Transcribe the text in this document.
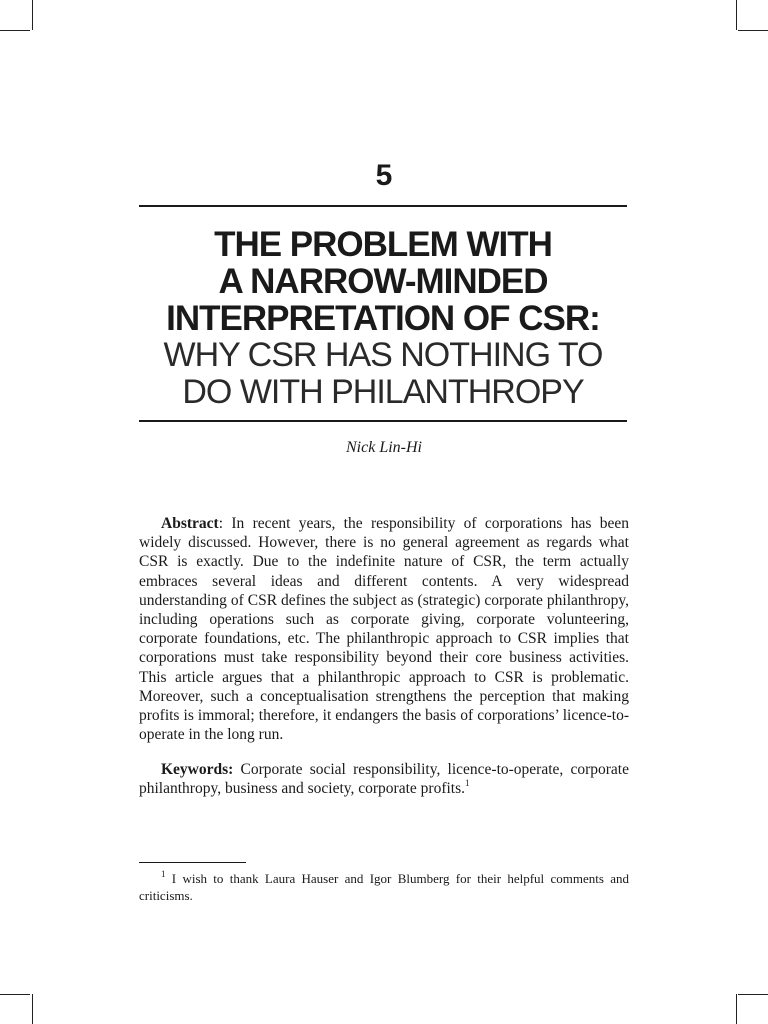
5
THE PROBLEM WITH
A NARROW-MINDED
INTERPRETATION OF CSR:
WHY CSR HAS NOTHING TO
DO WITH PHILANTHROPY
Nick Lin-Hi

Abstract: In recent years, the responsibility of corporations has been widely discussed. However, there is no general agreement as regards what CSR is exactly. Due to the indefinite nature of CSR, the term actually embraces several ideas and different contents. A very widespread understanding of CSR defines the subject as (strategic) corporate philanthropy, including operations such as corporate giving, corporate volunteering, corporate foundations, etc. The philanthropic approach to CSR implies that corporations must take responsibility beyond their core business activities. This article argues that a philanthropic approach to CSR is problematic. Moreover, such a conceptualisation strengthens the perception that making profits is immoral; therefore, it endangers the basis of corporations’ licence-to-operate in the long run.

Keywords: Corporate social responsibility, licence-to-operate, corporate philanthropy, business and society, corporate profits.$^1$

$^1$ I wish to thank Laura Hauser and Igor Blumberg for their helpful comments and criticisms.
